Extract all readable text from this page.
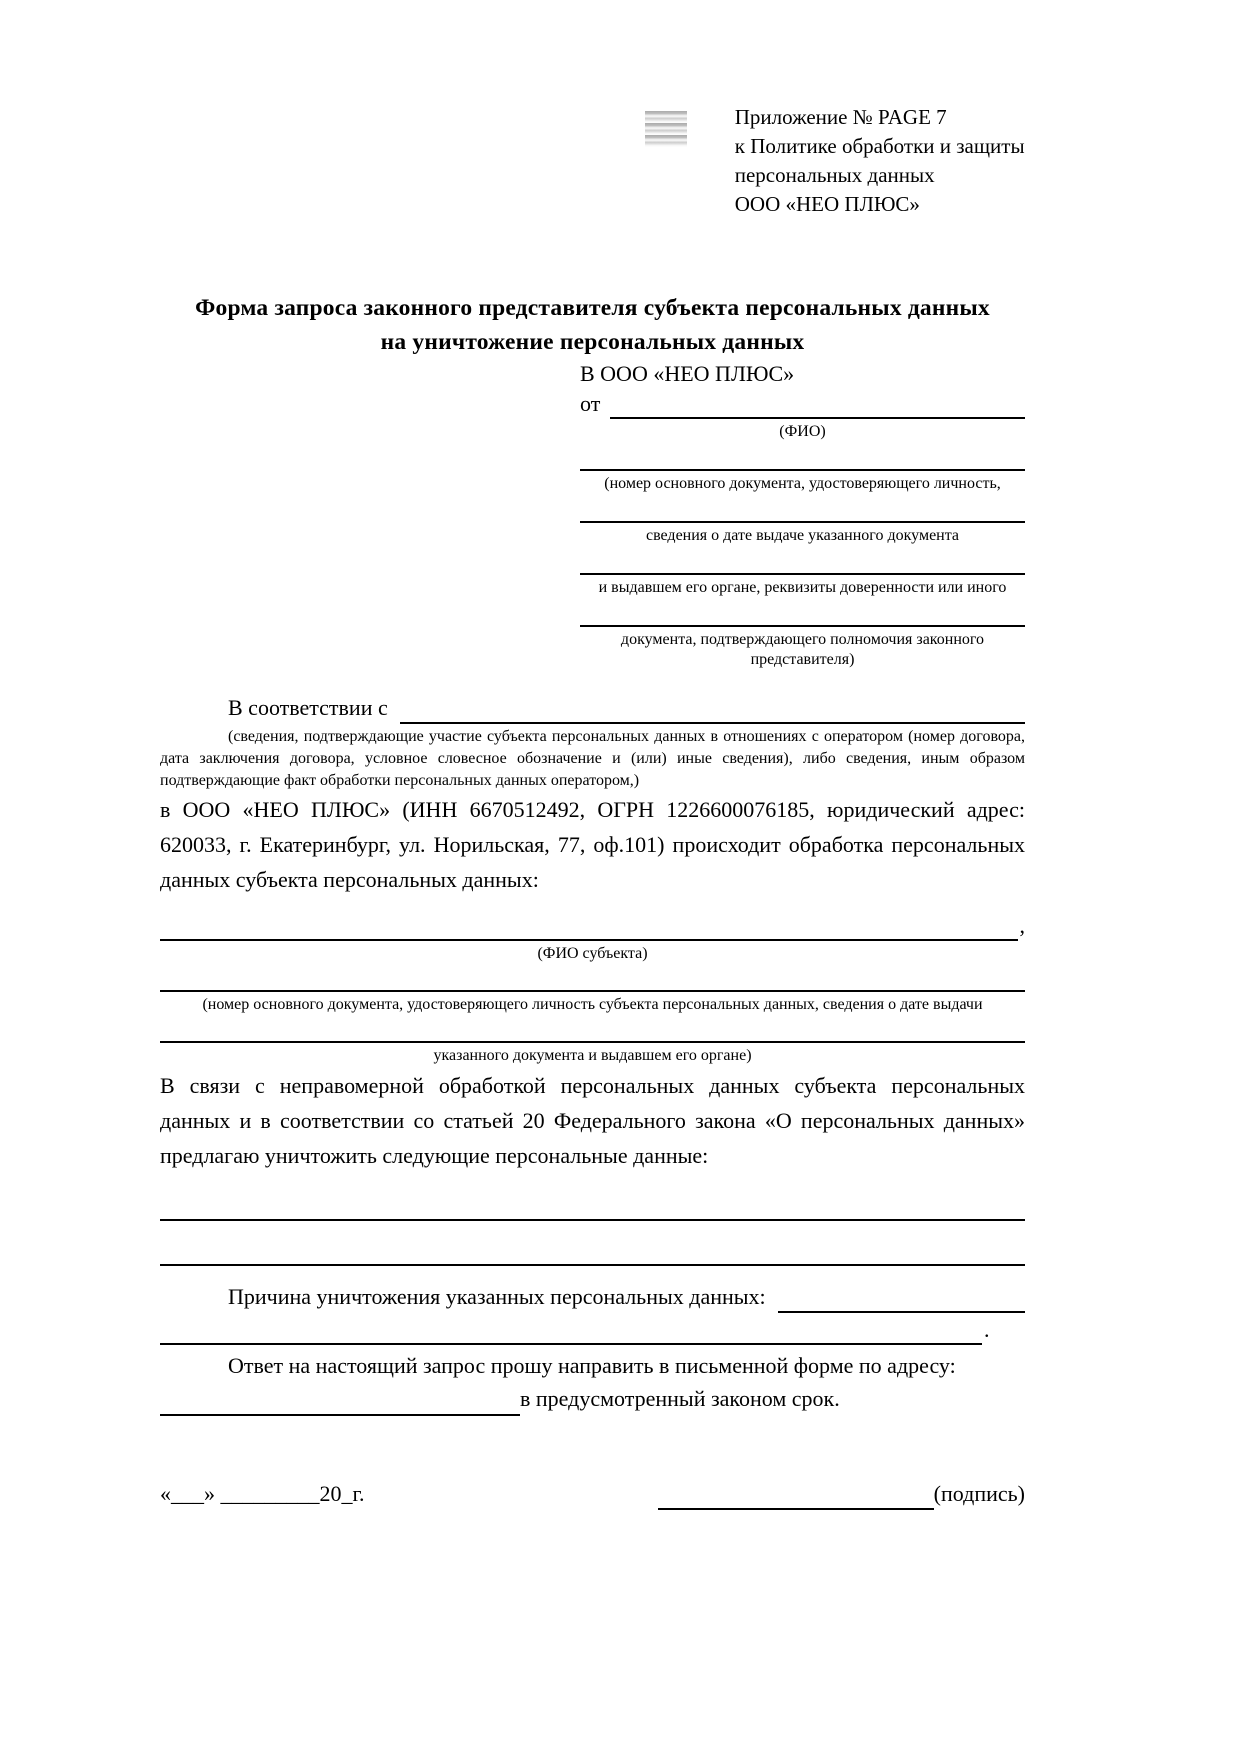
Приложение № PAGE 7
к Политике обработки и защиты
персональных данных
ООО «НЕО ПЛЮС»
Форма запроса законного представителя субъекта персональных данных
на уничтожение персональных данных
В ООО «НЕО ПЛЮС»
от
(ФИО)
(номер основного документа, удостоверяющего личность,
сведения о дате выдаче указанного документа
и выдавшем его органе, реквизиты доверенности или иного
документа, подтверждающего полномочия законного представителя)
В соответствии с
(сведения, подтверждающие участие субъекта персональных данных в отношениях с оператором (номер договора, дата заключения договора, условное словесное обозначение и (или) иные сведения), либо сведения, иным образом подтверждающие факт обработки персональных данных оператором,)
в ООО «НЕО ПЛЮС» (ИНН 6670512492, ОГРН 1226600076185, юридический адрес: 620033, г. Екатеринбург, ул. Норильская, 77, оф.101) происходит обработка персональных данных субъекта персональных данных:
,
(ФИО субъекта)
(номер основного документа, удостоверяющего личность субъекта персональных данных, сведения о дате выдачи
указанного документа и выдавшем его органе)
В связи с неправомерной обработкой персональных данных субъекта персональных данных и в соответствии со статьей 20 Федерального закона «О персональных данных» предлагаю уничтожить следующие персональные данные:
Причина уничтожения указанных персональных данных:
.
Ответ на настоящий запрос прошу направить в письменной форме по адресу:
в предусмотренный законом срок.
«___» _________20_г.	(подпись)
